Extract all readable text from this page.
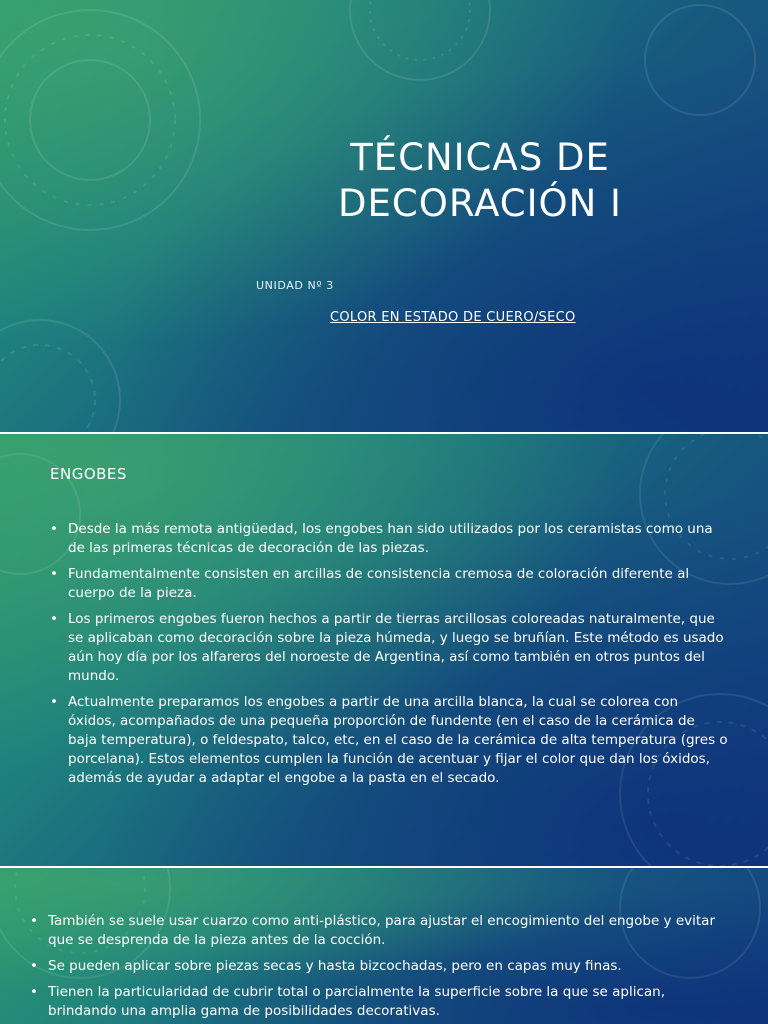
TÉCNICAS DE
DECORACIÓN I
UNIDAD Nº 3
COLOR EN ESTADO DE CUERO/SECO
ENGOBES
• Desde la más remota antigüedad, los engobes han sido utilizados por los ceramistas como una de las primeras técnicas de decoración de las piezas.
• Fundamentalmente consisten en arcillas de consistencia cremosa de coloración diferente al cuerpo de la pieza.
• Los primeros engobes fueron hechos a partir de tierras arcillosas coloreadas naturalmente, que se aplicaban como decoración sobre la pieza húmeda, y luego se bruñían. Este método es usado aún hoy día por los alfareros del noroeste de Argentina, así como también en otros puntos del mundo.
• Actualmente preparamos los engobes a partir de una arcilla blanca, la cual se colorea con óxidos, acompañados de una pequeña proporción de fundente (en el caso de la cerámica de baja temperatura), o feldespato, talco, etc, en el caso de la cerámica de alta temperatura (gres o porcelana). Estos elementos cumplen la función de acentuar y fijar el color que dan los óxidos, además de ayudar a adaptar el engobe a la pasta en el secado.
• También se suele usar cuarzo como anti-plástico, para ajustar el encogimiento del engobe y evitar que se desprenda de la pieza antes de la cocción.
• Se pueden aplicar sobre piezas secas y hasta bizcochadas, pero en capas muy finas.
• Tienen la particularidad de cubrir total o parcialmente la superficie sobre la que se aplican, brindando una amplia gama de posibilidades decorativas.
